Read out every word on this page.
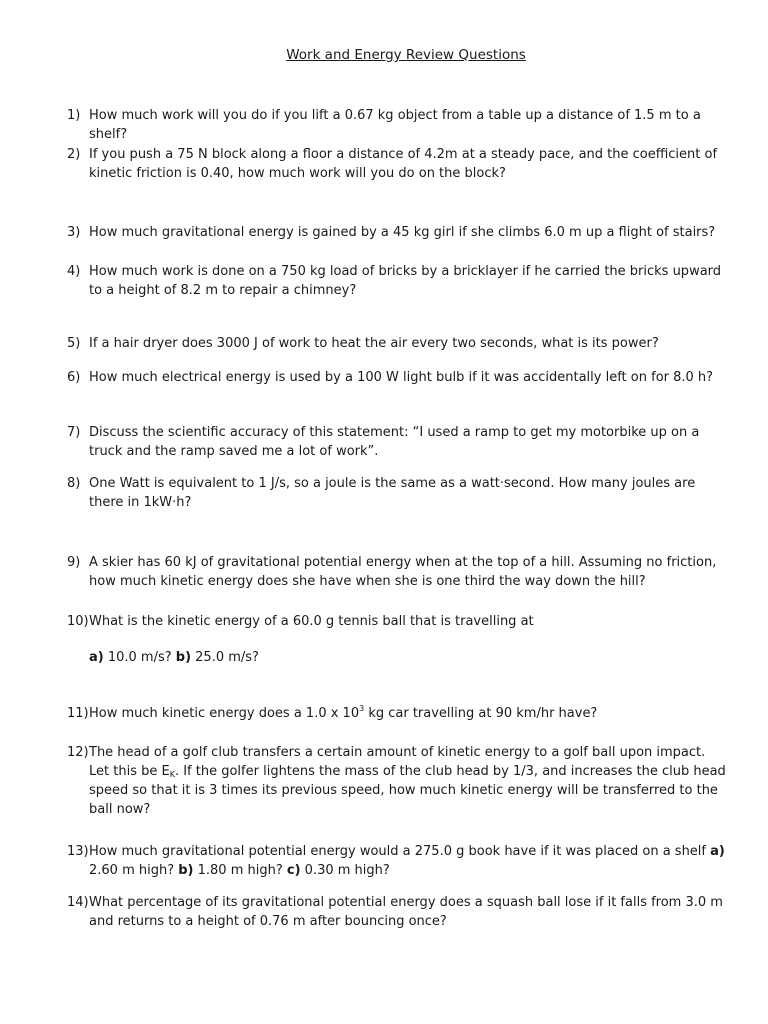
Work and Energy Review Questions
1) How much work will you do if you lift a 0.67 kg object from a table up a distance of 1.5 m to a shelf?
2) If you push a 75 N block along a floor a distance of 4.2m at a steady pace, and the coefficient of kinetic friction is 0.40, how much work will you do on the block?
3) How much gravitational energy is gained by a 45 kg girl if she climbs 6.0 m up a flight of stairs?
4) How much work is done on a 750 kg load of bricks by a bricklayer if he carried the bricks upward to a height of 8.2 m to repair a chimney?
5) If a hair dryer does 3000 J of work to heat the air every two seconds, what is its power?
6) How much electrical energy is used by a 100 W light bulb if it was accidentally left on for 8.0 h?
7) Discuss the scientific accuracy of this statement: “I used a ramp to get my motorbike up on a truck and the ramp saved me a lot of work”.
8) One Watt is equivalent to 1 J/s, so a joule is the same as a watt·second. How many joules are there in 1kW·h?
9) A skier has 60 kJ of gravitational potential energy when at the top of a hill. Assuming no friction, how much kinetic energy does she have when she is one third the way down the hill?
10) What is the kinetic energy of a 60.0 g tennis ball that is travelling at
a) 10.0 m/s? b) 25.0 m/s?
11) How much kinetic energy does a 1.0 x $10^3$ kg car travelling at 90 km/hr have?
12) The head of a golf club transfers a certain amount of kinetic energy to a golf ball upon impact. Let this be $E_K$. If the golfer lightens the mass of the club head by 1/3, and increases the club head speed so that it is 3 times its previous speed, how much kinetic energy will be transferred to the ball now?
13) How much gravitational potential energy would a 275.0 g book have if it was placed on a shelf a) 2.60 m high? b) 1.80 m high? c) 0.30 m high?
14) What percentage of its gravitational potential energy does a squash ball lose if it falls from 3.0 m and returns to a height of 0.76 m after bouncing once?
